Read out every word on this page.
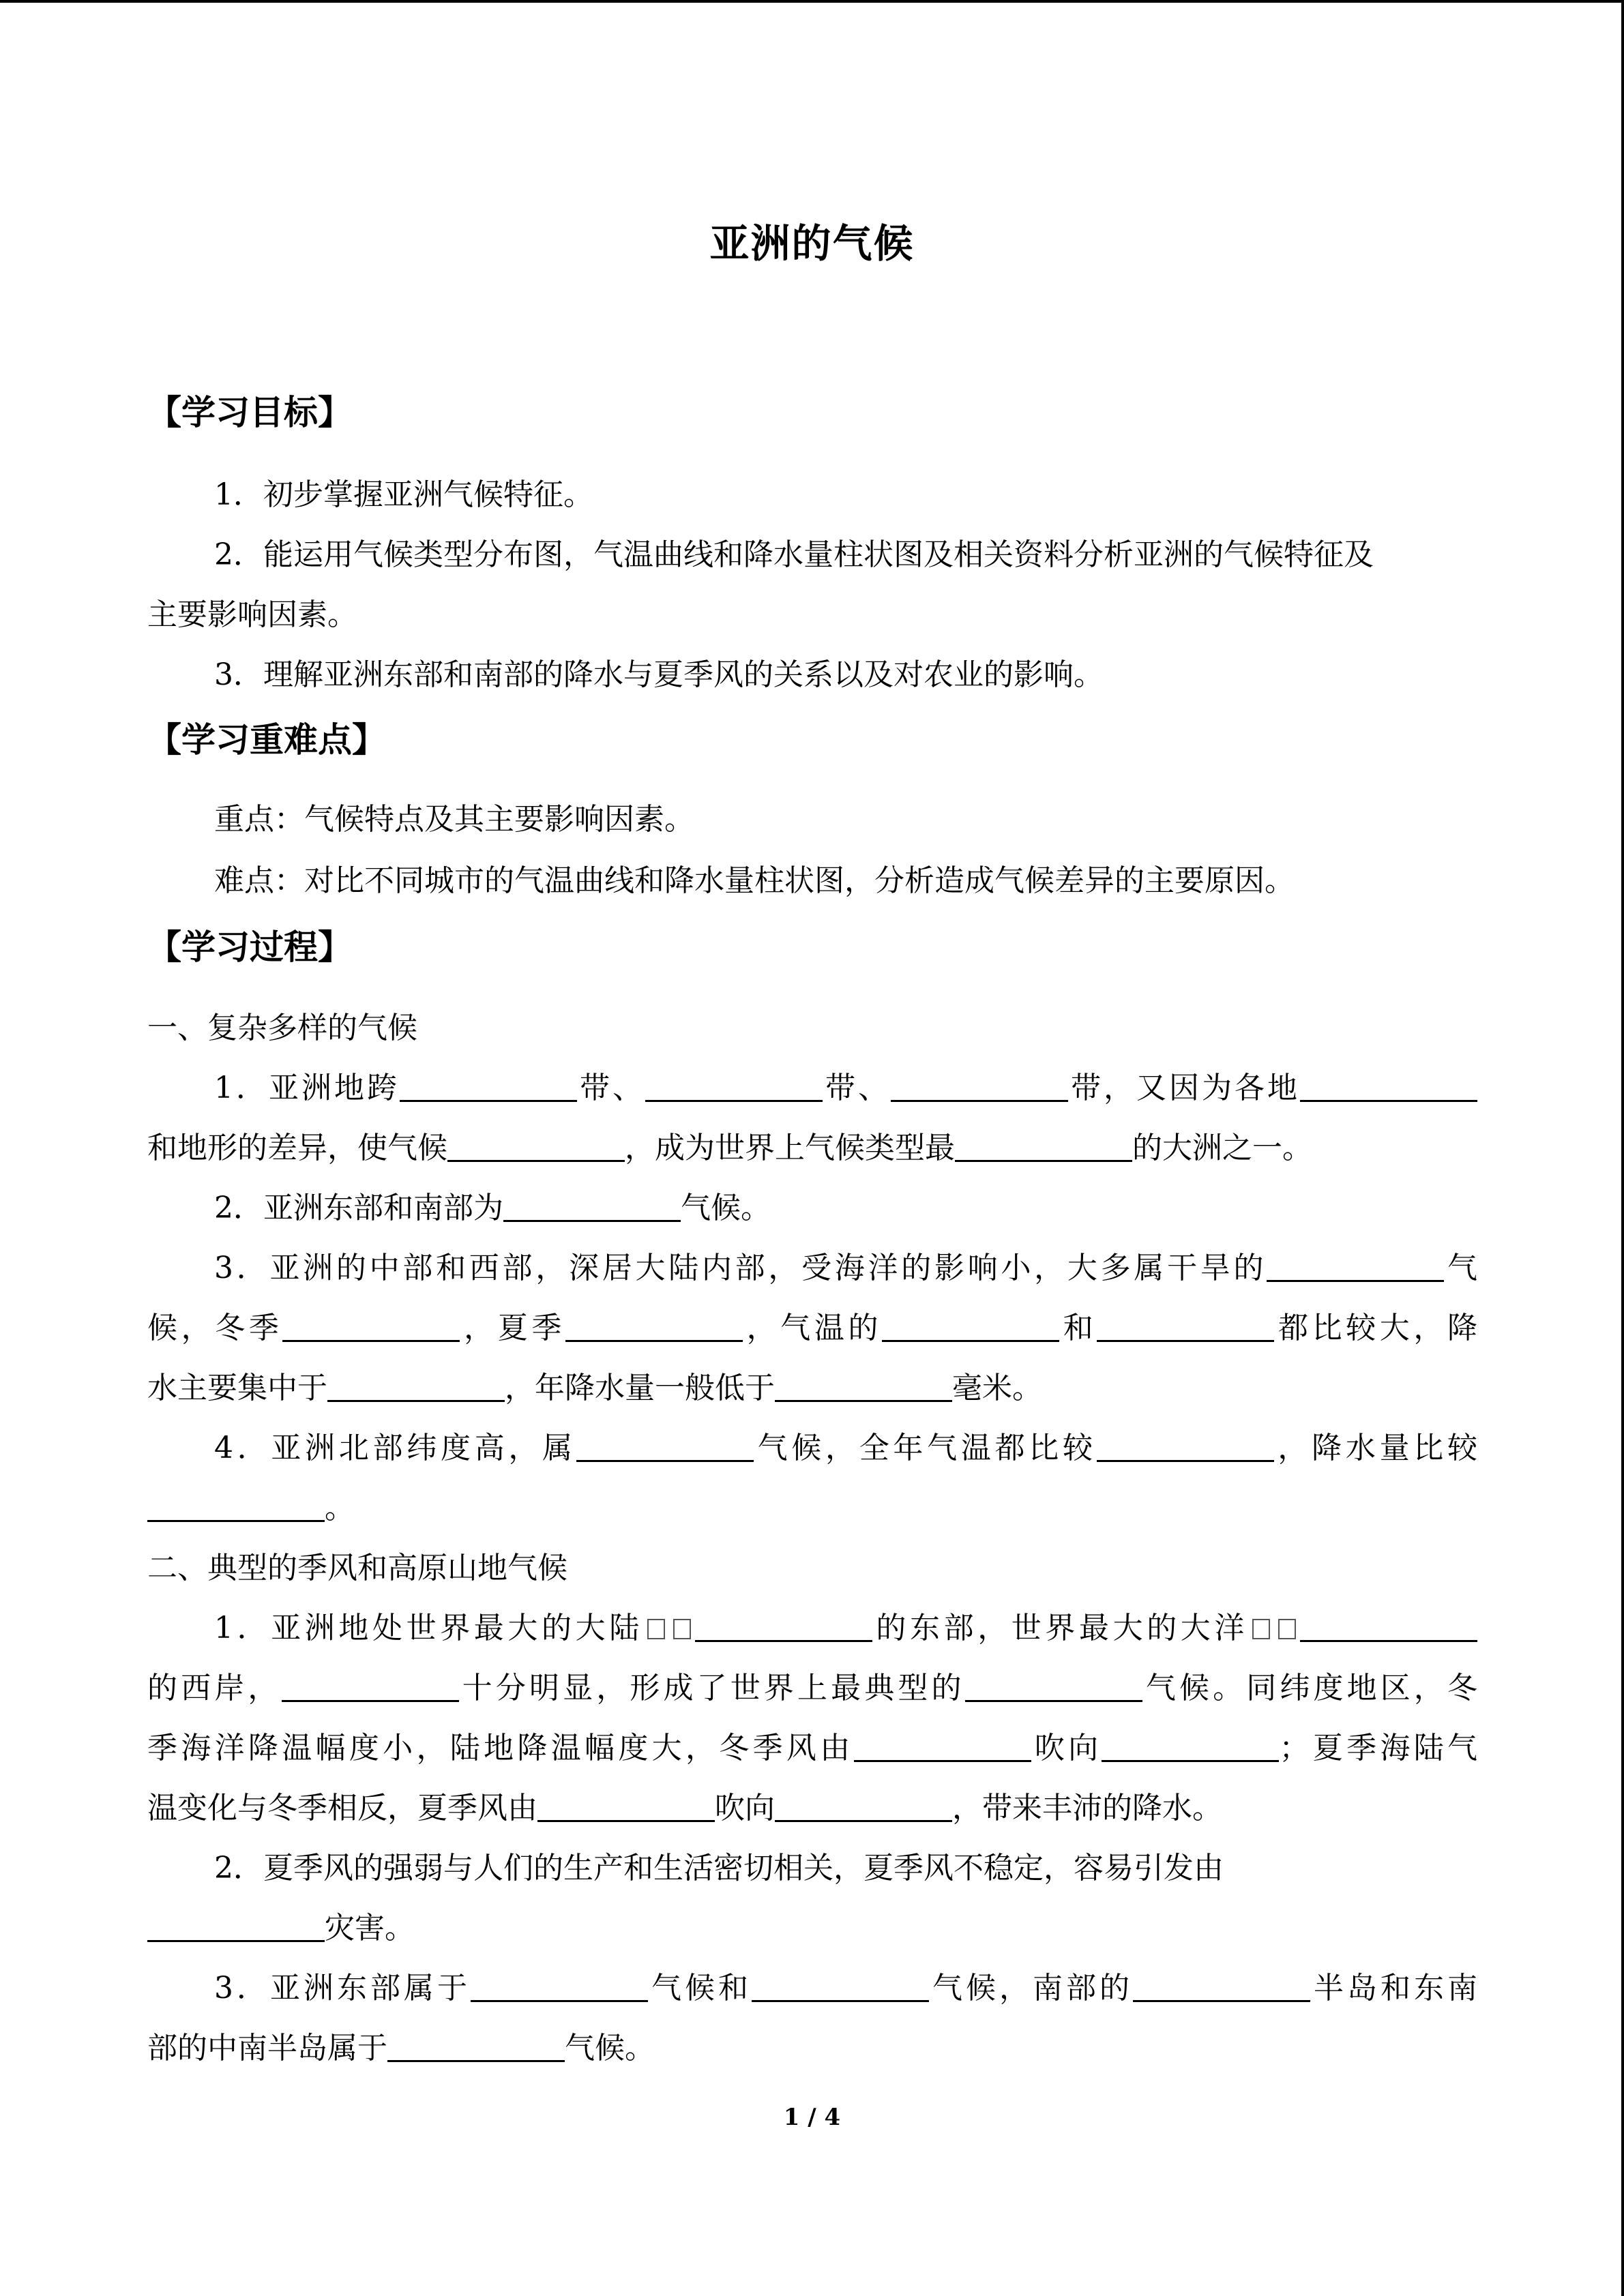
亚洲的气候
【学习目标】
1．初步掌握亚洲气候特征。
2．能运用气候类型分布图，气温曲线和降水量柱状图及相关资料分析亚洲的气候特征及
主要影响因素。
3．理解亚洲东部和南部的降水与夏季风的关系以及对农业的影响。
【学习重难点】
重点：气候特点及其主要影响因素。
难点：对比不同城市的气温曲线和降水量柱状图，分析造成气候差异的主要原因。
【学习过程】
一、复杂多样的气候
1．亚洲地跨	带、	带、	带，又因为各地
和地形的差异，使气候	，成为世界上气候类型最	的大洲之一。
2．亚洲东部和南部为	气候。
3．亚洲的中部和西部，深居大陆内部，受海洋的影响小，大多属干旱的	气
候，冬季	，夏季	，气温的	和	都比较大，降
水主要集中于	，年降水量一般低于	毫米。
4．亚洲北部纬度高，属	气候，全年气温都比较	，降水量比较
。
二、典型的季风和高原山地气候
1．亚洲地处世界最大的大陆	的东部，世界最大的大洋
的西岸，	十分明显，形成了世界上最典型的	气候。同纬度地区，冬
季海洋降温幅度小，陆地降温幅度大，冬季风由	吹向	；夏季海陆气
温变化与冬季相反，夏季风由	吹向	，带来丰沛的降水。
2．夏季风的强弱与人们的生产和生活密切相关，夏季风不稳定，容易引发由
灾害。
3．亚洲东部属于	气候和	气候，南部的	半岛和东南
部的中南半岛属于	气候。
1 / 4
